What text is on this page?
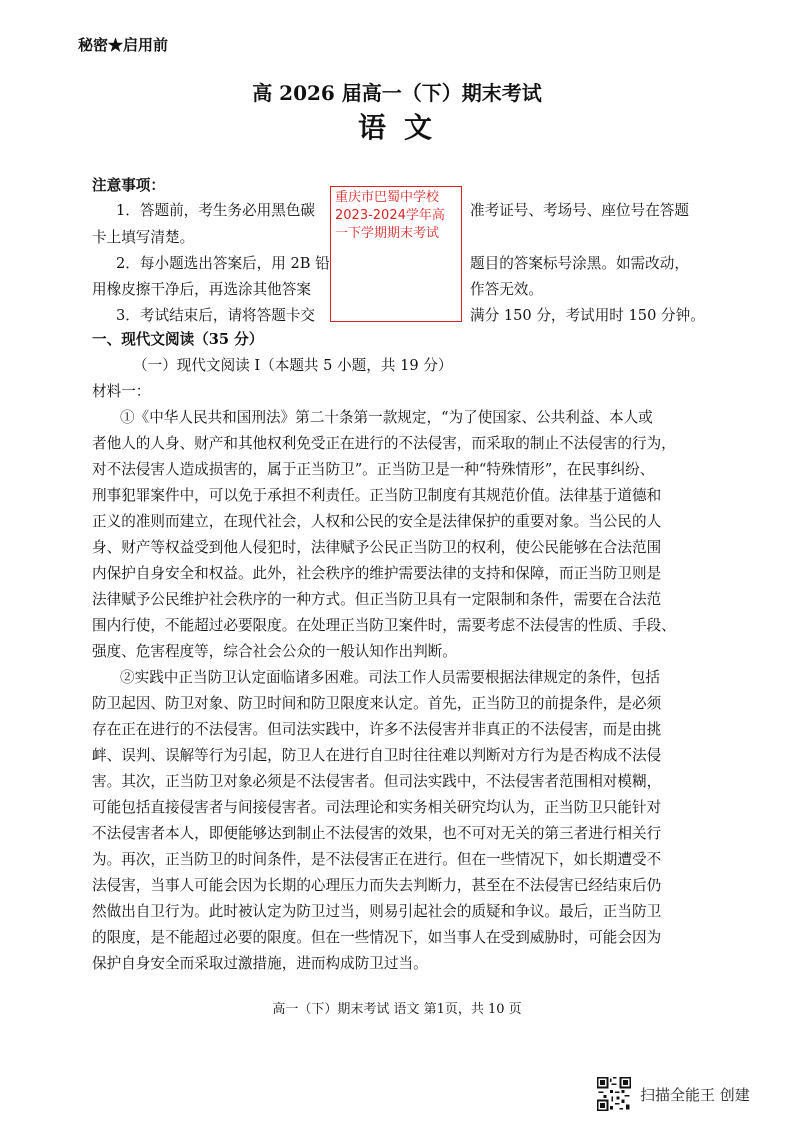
秘密★启用前
高 2026 届高一（下）期末考试
语文
注意事项：
1．答题前，考生务必用黑色碳	准考证号、考场号、座位号在答题
卡上填写清楚。
2．每小题选出答案后，用 2B 铅	题目的答案标号涂黑。如需改动，
用橡皮擦干净后，再选涂其他答案	作答无效。
3．考试结束后，请将答题卡交	满分 150 分，考试用时 150 分钟。
重庆市巴蜀中学校
2023-2024学年高
一下学期期末考试
一、现代文阅读（35 分）
（一）现代文阅读 Ⅰ（本题共 5 小题，共 19 分）
材料一：
①《中华人民共和国刑法》第二十条第一款规定，“为了使国家、公共利益、本人或
者他人的人身、财产和其他权利免受正在进行的不法侵害，而采取的制止不法侵害的行为，
对不法侵害人造成损害的，属于正当防卫”。正当防卫是一种“特殊情形”，在民事纠纷、
刑事犯罪案件中，可以免于承担不利责任。正当防卫制度有其规范价值。法律基于道德和
正义的准则而建立，在现代社会，人权和公民的安全是法律保护的重要对象。当公民的人
身、财产等权益受到他人侵犯时，法律赋予公民正当防卫的权利，使公民能够在合法范围
内保护自身安全和权益。此外，社会秩序的维护需要法律的支持和保障，而正当防卫则是
法律赋予公民维护社会秩序的一种方式。但正当防卫具有一定限制和条件，需要在合法范
围内行使，不能超过必要限度。在处理正当防卫案件时，需要考虑不法侵害的性质、手段、
强度、危害程度等，综合社会公众的一般认知作出判断。
②实践中正当防卫认定面临诸多困难。司法工作人员需要根据法律规定的条件，包括
防卫起因、防卫对象、防卫时间和防卫限度来认定。首先，正当防卫的前提条件，是必须
存在正在进行的不法侵害。但司法实践中，许多不法侵害并非真正的不法侵害，而是由挑
衅、误判、误解等行为引起，防卫人在进行自卫时往往难以判断对方行为是否构成不法侵
害。其次，正当防卫对象必须是不法侵害者。但司法实践中，不法侵害者范围相对模糊，
可能包括直接侵害者与间接侵害者。司法理论和实务相关研究均认为，正当防卫只能针对
不法侵害者本人，即便能够达到制止不法侵害的效果，也不可对无关的第三者进行相关行
为。再次，正当防卫的时间条件，是不法侵害正在进行。但在一些情况下，如长期遭受不
法侵害，当事人可能会因为长期的心理压力而失去判断力，甚至在不法侵害已经结束后仍
然做出自卫行为。此时被认定为防卫过当，则易引起社会的质疑和争议。最后，正当防卫
的限度，是不能超过必要的限度。但在一些情况下，如当事人在受到威胁时，可能会因为
保护自身安全而采取过激措施，进而构成防卫过当。
高一（下）期末考试 语文 第1页，共 10 页
扫描全能王 创建
